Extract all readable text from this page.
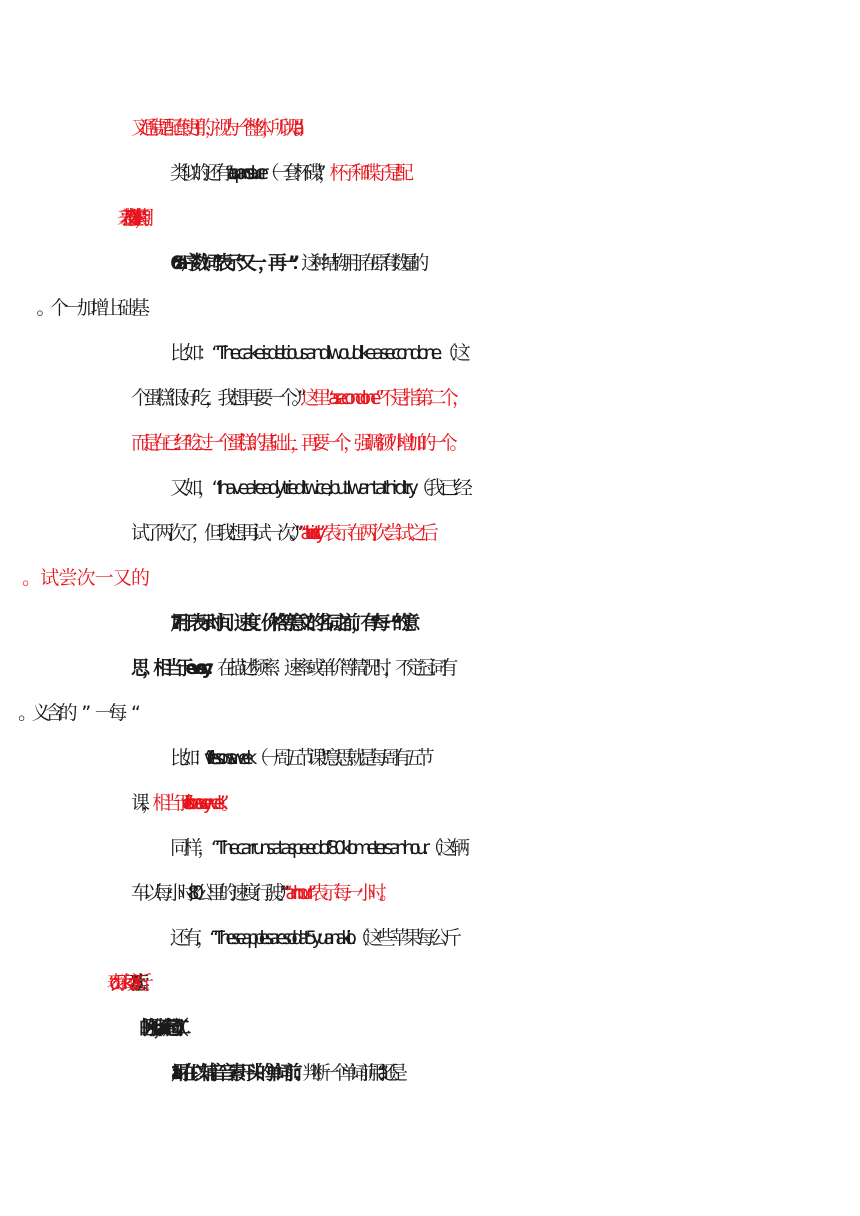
叉通常是配套使用的，视为一个整体，所以用“a”。
类似的还有“a cup and saucer（一套杯碟）”，杯子和碟子是配
6.“a + 序数词”表示“又一，再一”：这种结构用于在原有数量的
比如：“The cake is delicious and I would like a second one.（这
个蛋糕很好吃，我想再要一个。）”这里“a second one”不是指第二个，
而是在已经吃过一个蛋糕的基础上，再要一个，强调额外增加的一个。
又如，“I have already tried twice, but I want a third try.（我已经
试了两次了，但我想再试一次。）”“a third try”表示在两次尝试之后
7.用于表示时间、速度、价格等意义的名词之前，有“每一”的意
思，相当于 every：在描述频率、速率或单价等情况时，不定冠词有
比如：“five lessons a week（一周五节课）”意思就是每周有五节
课，相当于“five lessons every week”。
同样，“The car runs at a speed of 80 kilometers an hour.（这辆
车以每小时 80 公里的速度行驶。）”“an hour”表示每一小时。
还有，“These apples are sold at 5 yuan a kilo.（这些苹果每公斤
“a kilo”表示每公斤。
1.a 用在以辅音音素开头的单词前：判断一个单词前用“a”还是
